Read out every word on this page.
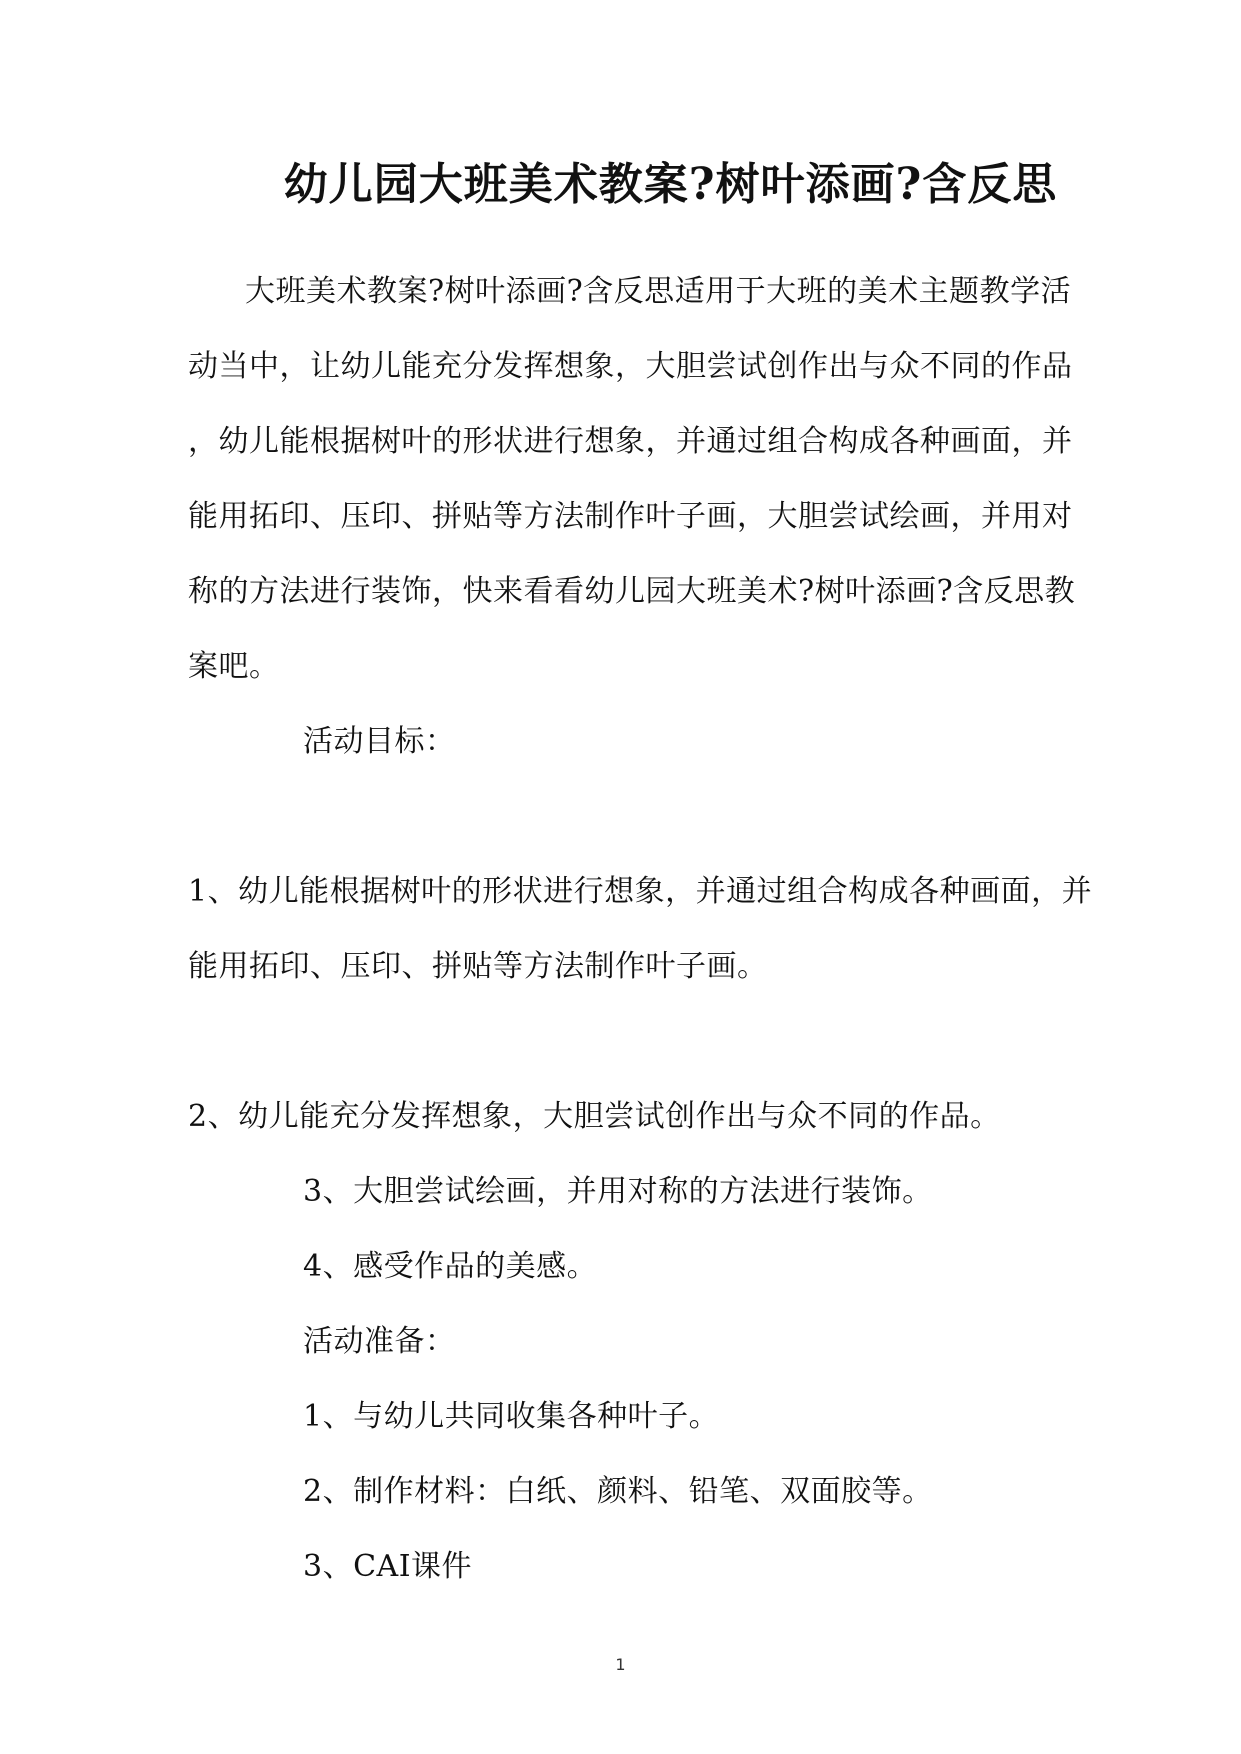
幼儿园大班美术教案?树叶添画?含反思
大班美术教案?树叶添画?含反思适用于大班的美术主题教学活
动当中，让幼儿能充分发挥想象，大胆尝试创作出与众不同的作品
，幼儿能根据树叶的形状进行想象，并通过组合构成各种画面，并
能用拓印、压印、拼贴等方法制作叶子画，大胆尝试绘画，并用对
称的方法进行装饰，快来看看幼儿园大班美术?树叶添画?含反思教
案吧。
活动目标：
1、幼儿能根据树叶的形状进行想象，并通过组合构成各种画面，并
能用拓印、压印、拼贴等方法制作叶子画。
2、幼儿能充分发挥想象，大胆尝试创作出与众不同的作品。
3、大胆尝试绘画，并用对称的方法进行装饰。
4、感受作品的美感。
活动准备：
1、与幼儿共同收集各种叶子。
2、制作材料：白纸、颜料、铅笔、双面胶等。
3、CAI课件
1
